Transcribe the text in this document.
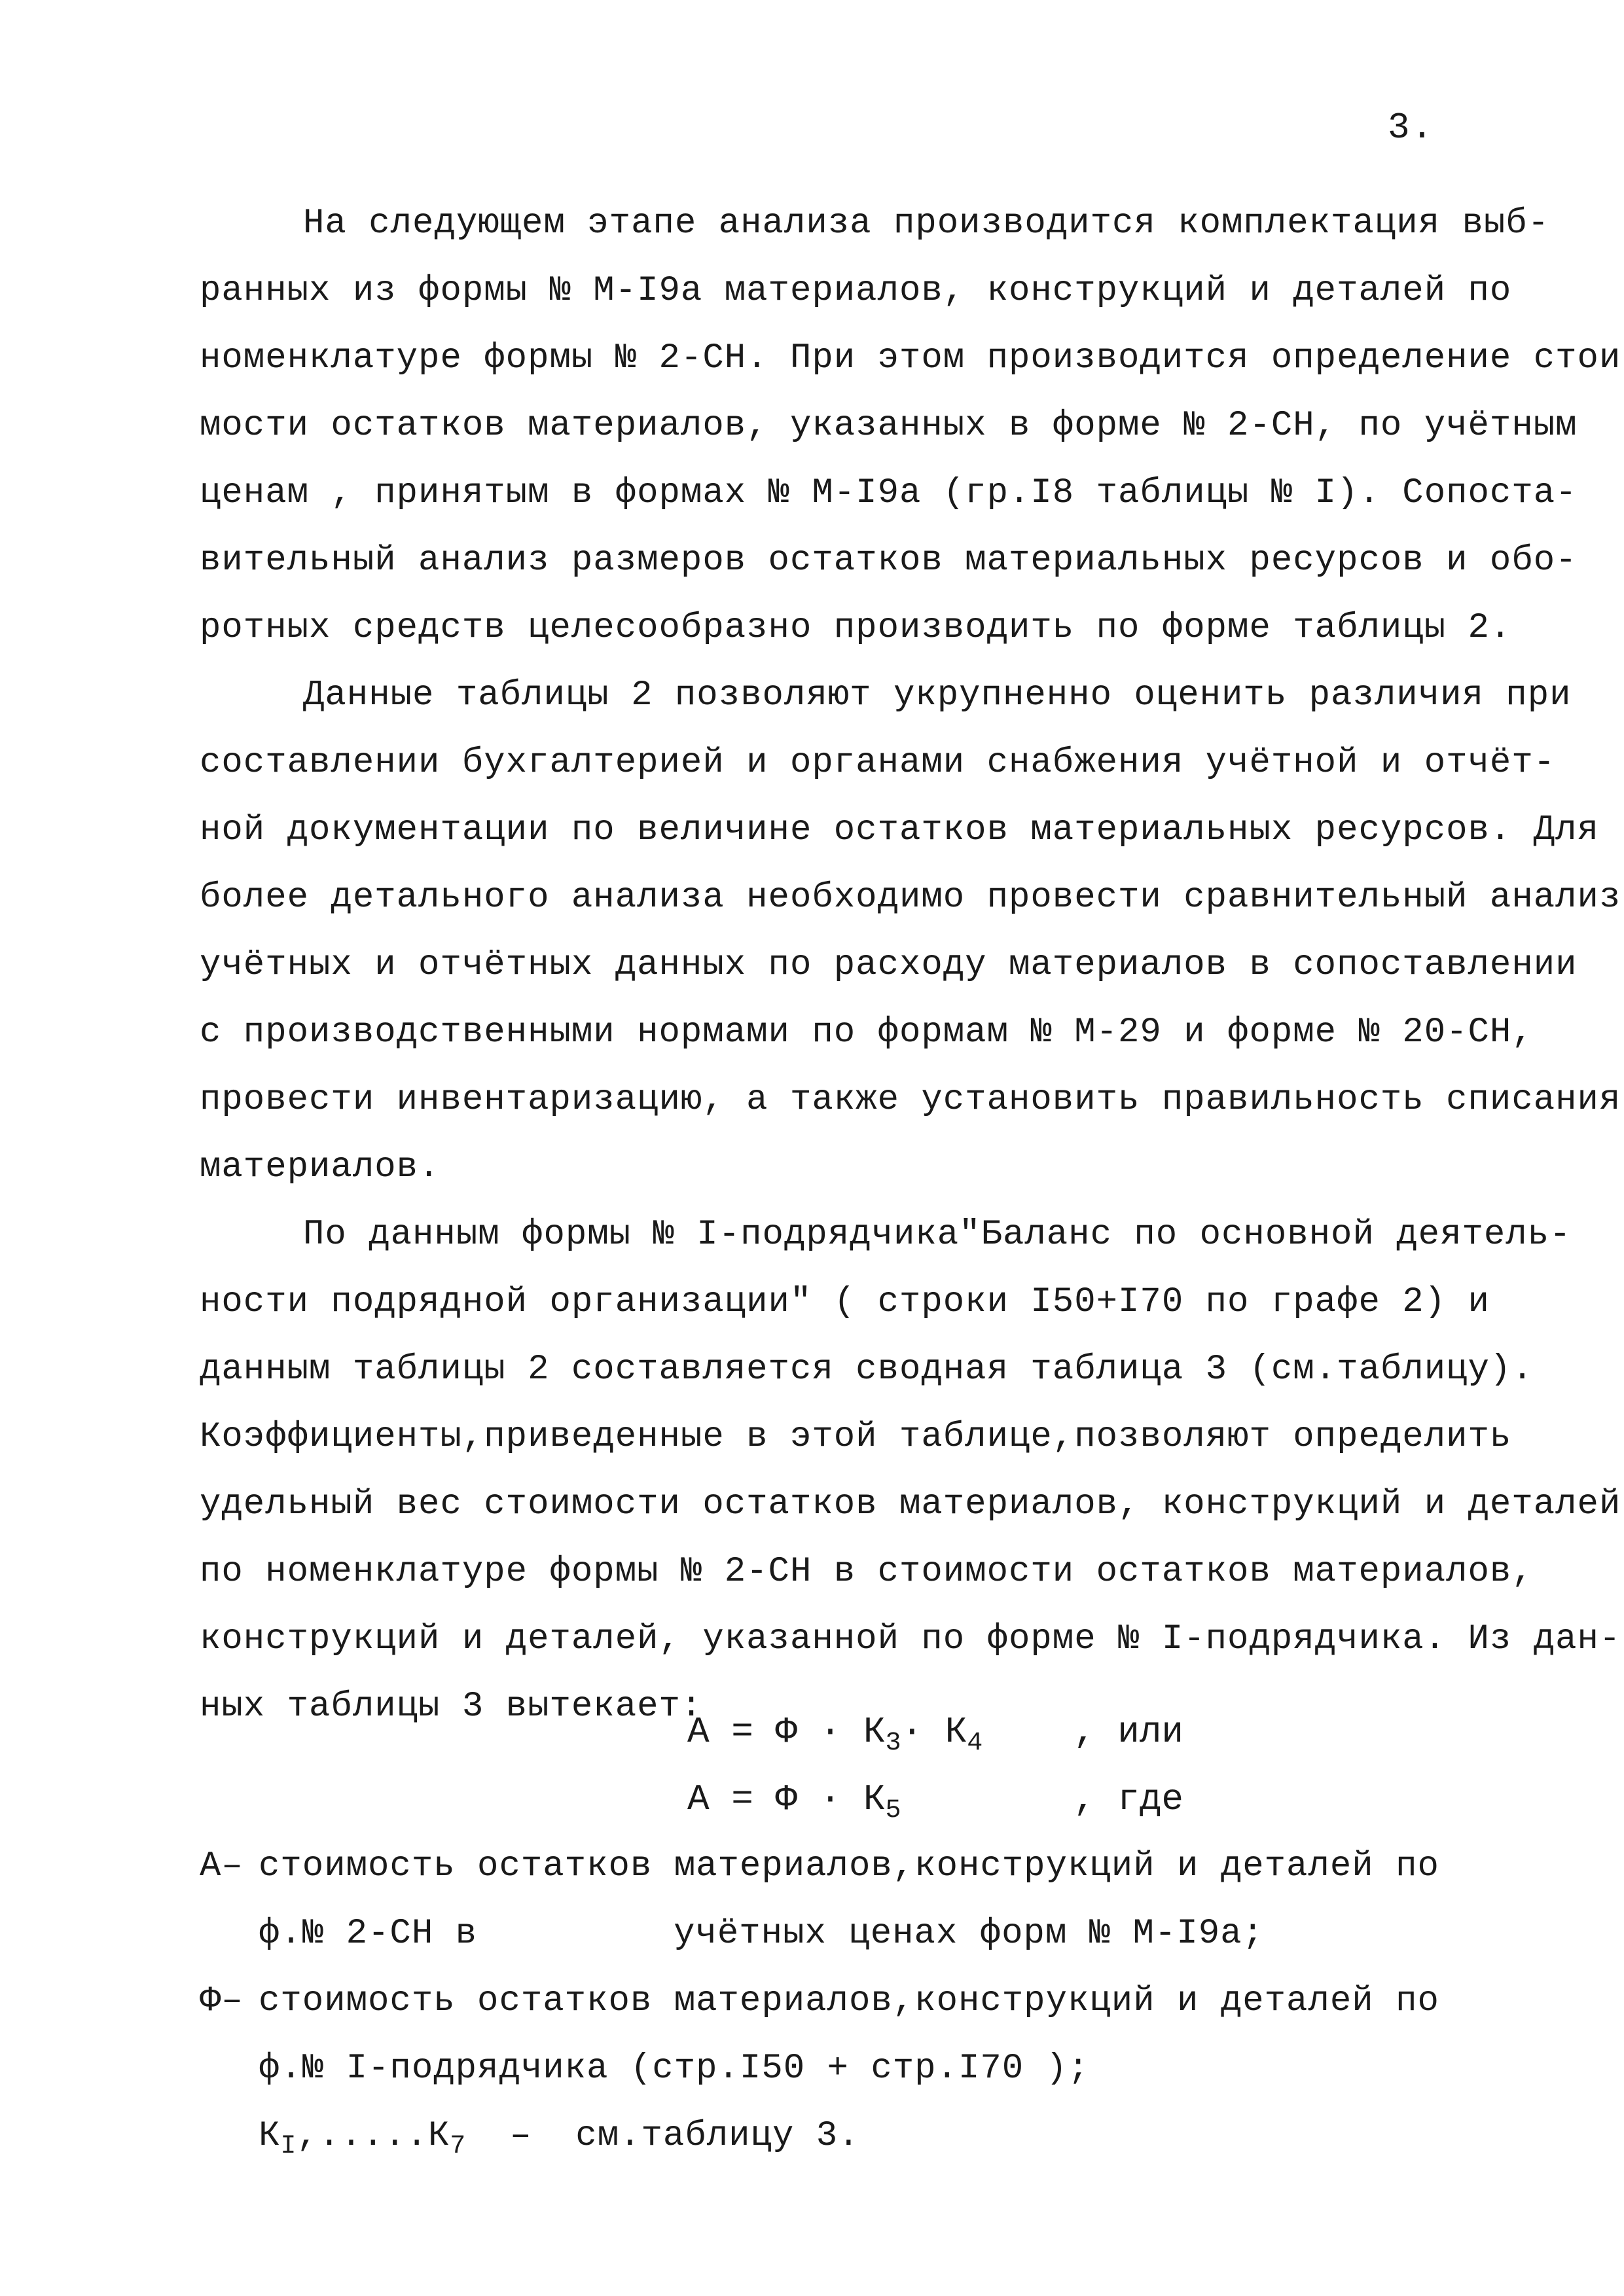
3.
На следующем этапе анализа производится комплектация выб-
ранных из формы № М-I9а материалов, конструкций и деталей по
номенклатуре формы № 2-СН. При этом производится определение стои
мости остатков материалов, указанных в форме № 2-СН, по учётным
ценам , принятым в формах № М-I9а (гр.I8 таблицы № I). Сопоста-
вительный анализ размеров остатков материальных ресурсов и обо-
ротных средств целесообразно производить по форме таблицы 2.
Данные таблицы 2 позволяют укрупненно оценить различия при
составлении бухгалтерией и органами снабжения учётной и отчёт-
ной документации по величине остатков материальных ресурсов. Для
более детального анализа необходимо провести сравнительный анализ
учётных и отчётных данных по расходу материалов в сопоставлении
с производственными нормами по формам № М-29 и форме № 20-СН,
провести инвентаризацию, а также установить правильность списания
материалов.
По данным формы № I-подрядчика"Баланс по основной деятель-
ности подрядной организации" ( строки I50+I70 по графе 2) и
данным таблицы 2 составляется сводная таблица 3 (см.таблицу).
Коэффициенты,приведенные в этой таблице,позволяют определить
удельный вес стоимости остатков материалов, конструкций и деталей
по номенклатуре формы № 2-СН в стоимости остатков материалов,
конструкций и деталей, указанной по форме № I-подрядчика. Из дан-
ных таблицы 3 вытекает:
$А = Ф \cdot К_3\cdot К_4$ , или
$А = Ф \cdot К_5$	, где
А– стоимость остатков материалов,конструкций и деталей по
ф.№ 2-СН в	учётных ценах форм № М-I9а;
Ф– стоимость остатков материалов,конструкций и деталей по
ф.№ I-подрядчика (стр.I50 + стр.I70 );
$К_I,.....К_7$  –  см.таблицу 3.
